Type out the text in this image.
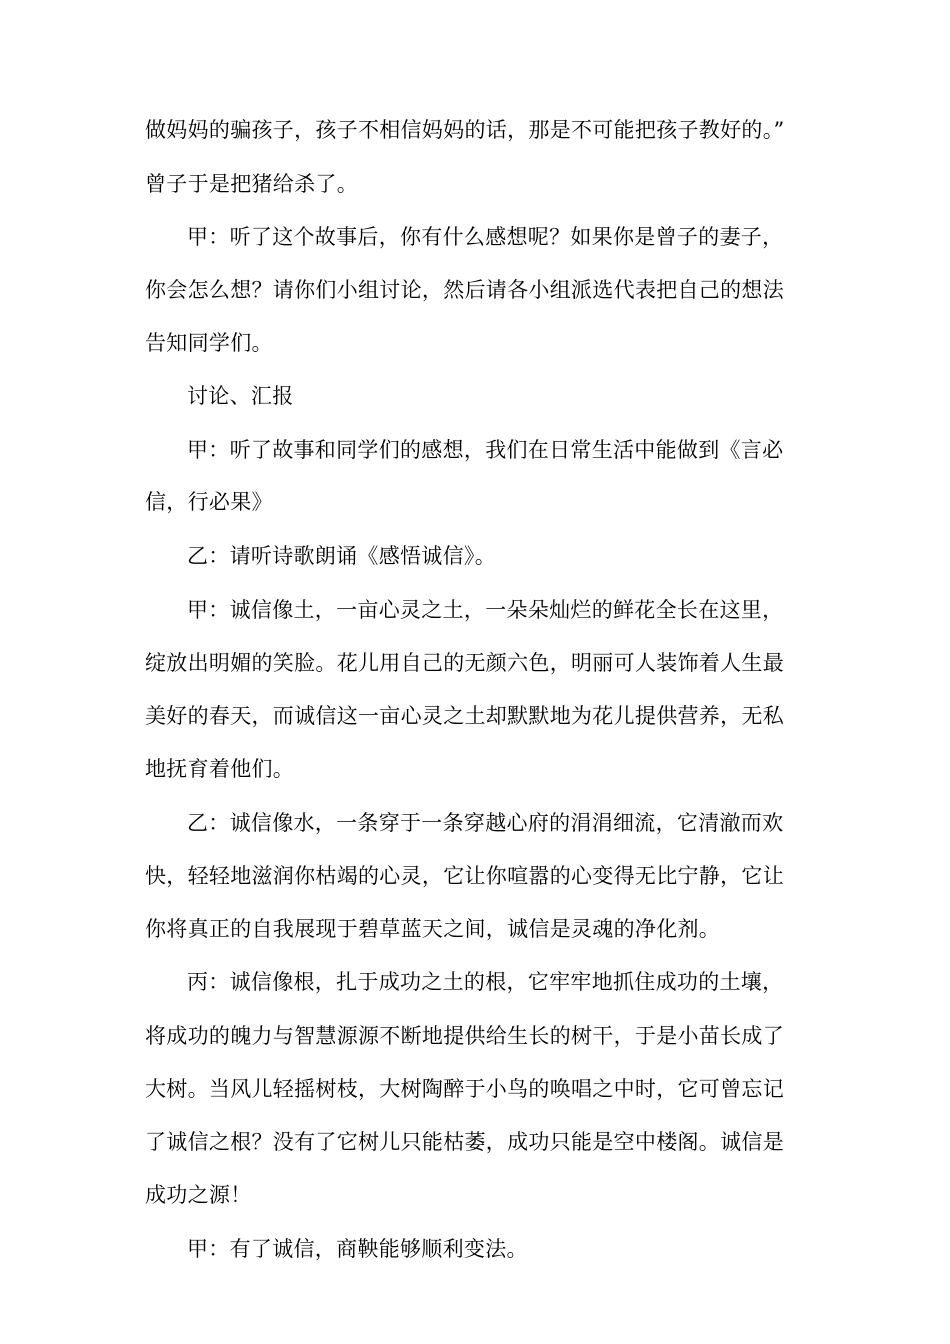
做妈妈的骗孩子，孩子不相信妈妈的话，那是不可能把孩子教好的。”
曾子于是把猪给杀了。
甲：听了这个故事后，你有什么感想呢？如果你是曾子的妻子，
你会怎么想？请你们小组讨论，然后请各小组派选代表把自己的想法
告知同学们。
讨论、汇报
甲：听了故事和同学们的感想，我们在日常生活中能做到《言必
信，行必果》
乙：请听诗歌朗诵《感悟诚信》。
甲：诚信像土，一亩心灵之土，一朵朵灿烂的鲜花全长在这里，
绽放出明媚的笑脸。花儿用自己的无颜六色，明丽可人装饰着人生最
美好的春天，而诚信这一亩心灵之土却默默地为花儿提供营养，无私
地抚育着他们。
乙：诚信像水，一条穿于一条穿越心府的涓涓细流，它清澈而欢
快，轻轻地滋润你枯竭的心灵，它让你喧嚣的心变得无比宁静，它让
你将真正的自我展现于碧草蓝天之间，诚信是灵魂的净化剂。
丙：诚信像根，扎于成功之土的根，它牢牢地抓住成功的土壤，
将成功的魄力与智慧源源不断地提供给生长的树干，于是小苗长成了
大树。当风儿轻摇树枝，大树陶醉于小鸟的唤唱之中时，它可曾忘记
了诚信之根？没有了它树儿只能枯萎，成功只能是空中楼阁。诚信是
成功之源！
甲：有了诚信，商鞅能够顺利变法。
